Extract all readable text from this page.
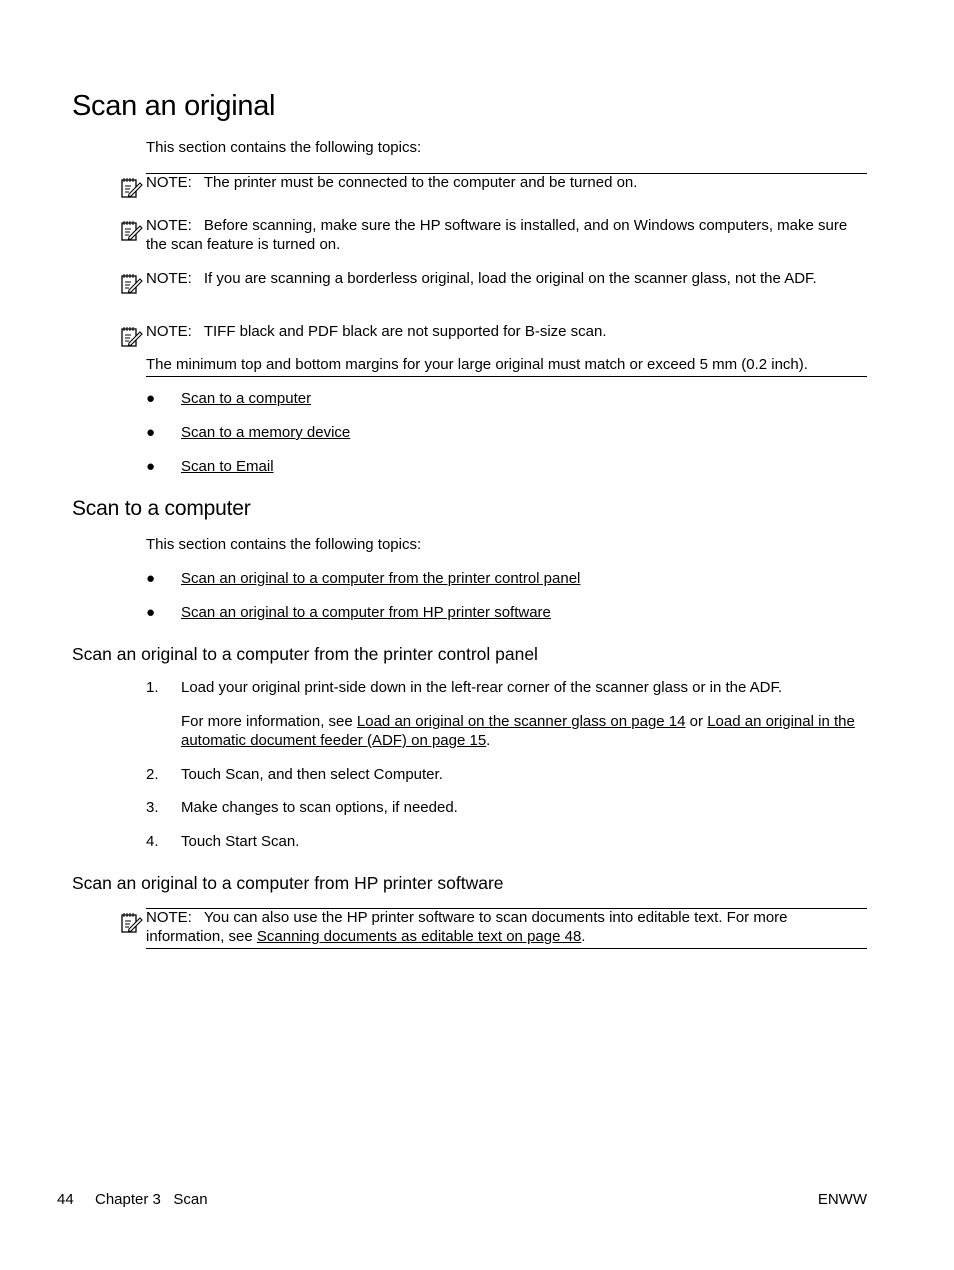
Scan an original
This section contains the following topics:
NOTE: The printer must be connected to the computer and be turned on.
NOTE: Before scanning, make sure the HP software is installed, and on Windows computers, make sure the scan feature is turned on.
NOTE: If you are scanning a borderless original, load the original on the scanner glass, not the ADF.
NOTE: TIFF black and PDF black are not supported for B-size scan.
The minimum top and bottom margins for your large original must match or exceed 5 mm (0.2 inch).
● Scan to a computer
● Scan to a memory device
● Scan to Email
Scan to a computer
This section contains the following topics:
● Scan an original to a computer from the printer control panel
● Scan an original to a computer from HP printer software
Scan an original to a computer from the printer control panel
1. Load your original print-side down in the left-rear corner of the scanner glass or in the ADF.
For more information, see Load an original on the scanner glass on page 14 or Load an original in the automatic document feeder (ADF) on page 15.
2. Touch Scan, and then select Computer.
3. Make changes to scan options, if needed.
4. Touch Start Scan.
Scan an original to a computer from HP printer software
NOTE: You can also use the HP printer software to scan documents into editable text. For more information, see Scanning documents as editable text on page 48.
44 Chapter 3   Scan	ENWW
